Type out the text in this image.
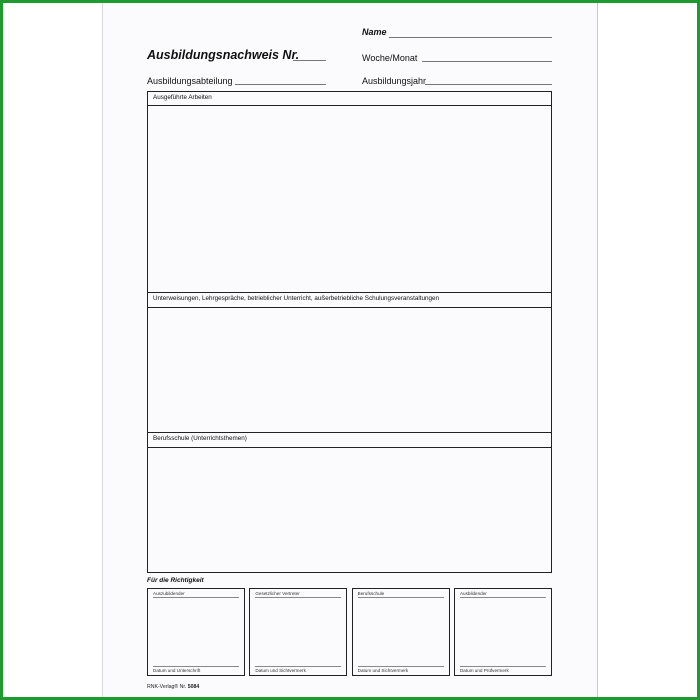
Name
Ausbildungsnachweis Nr.	Woche/Monat
Ausbildungsabteilung	Ausbildungsjahr
Ausgeführte Arbeiten
Unterweisungen, Lehrgespräche, betrieblicher Unterricht, außerbetriebliche Schulungsveranstaltungen
Berufsschule (Unterrichtsthemen)
Für die Richtigkeit
Auszubildender
Datum und Unterschrift
Gesetzlicher Vertreter
Datum und Sichtvermerk
Berufsschule
Datum und Sichtvermerk
Ausbildender
Datum und Prüfvermerk
RNK-Verlag® Nr. 5084
